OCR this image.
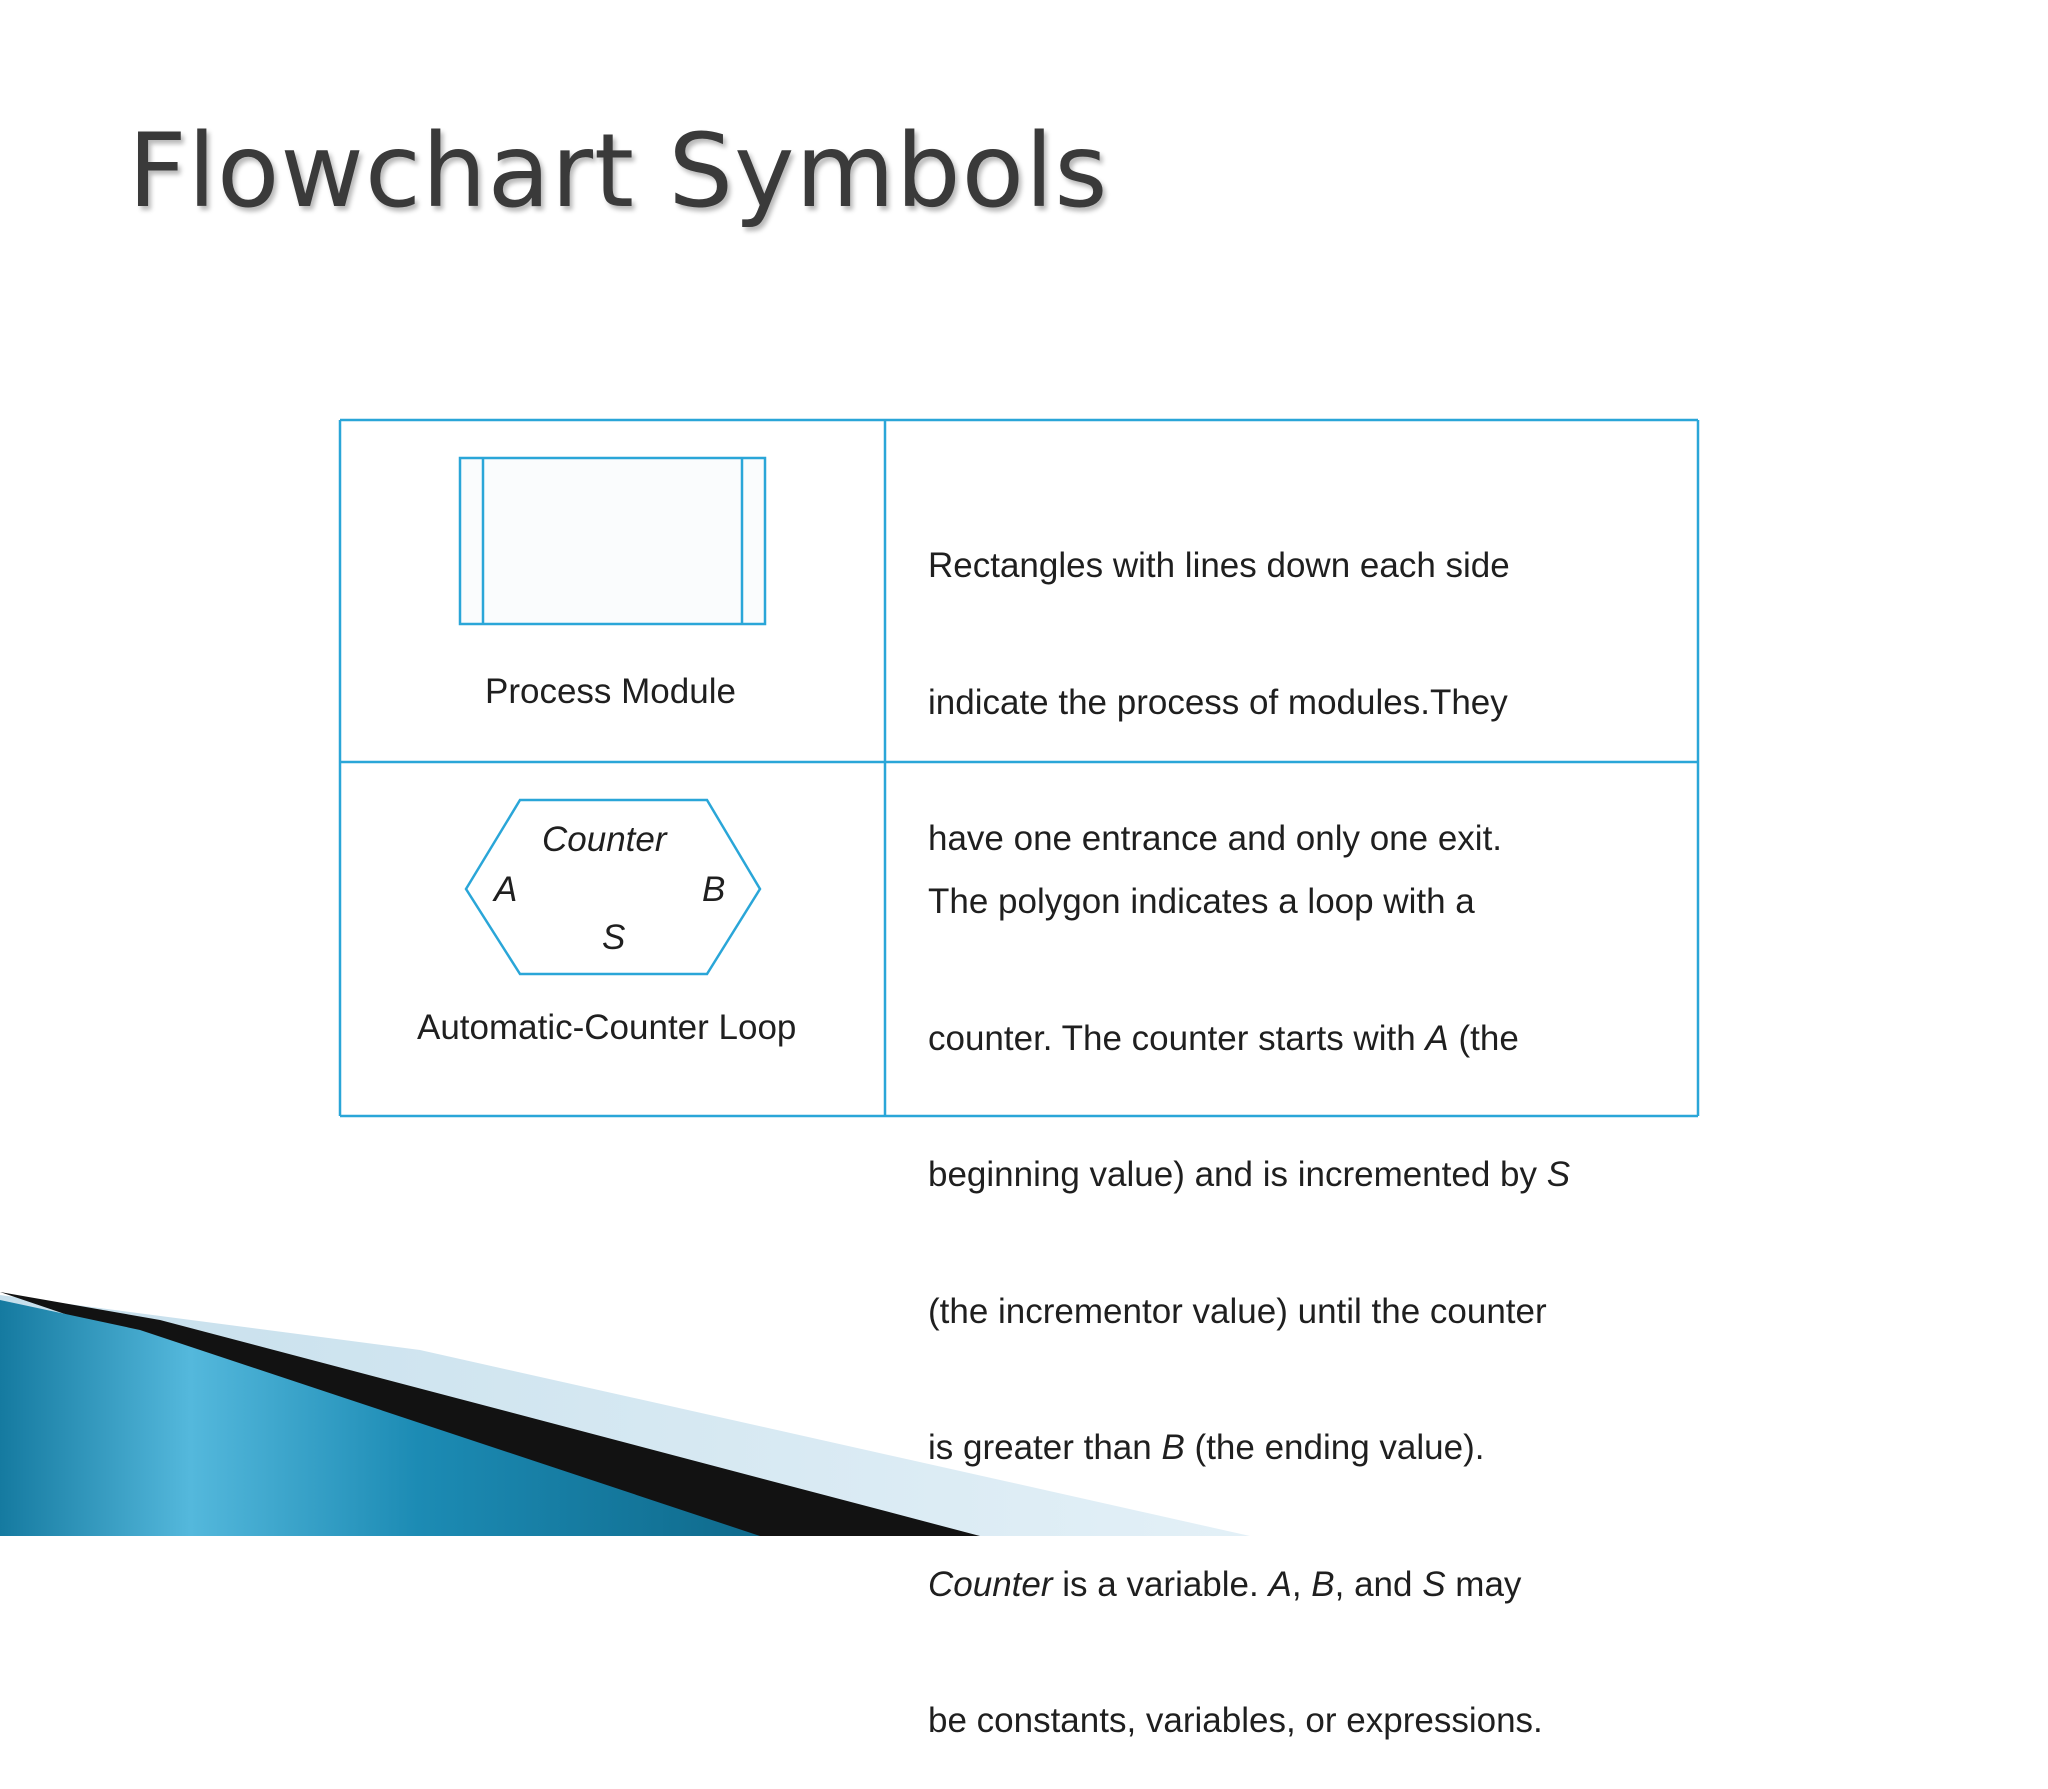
Flowchart Symbols
Process Module
Counter
A	B
S
Automatic-Counter Loop

Rectangles with lines down each side

indicate the process of modules.They

have one entrance and only one exit.

The polygon indicates a loop with a

counter. The counter starts with A (the

beginning value) and is incremented by S

(the incrementor value) until the counter

is greater than B (the ending value).

Counter is a variable. A, B, and S may

be constants, variables, or expressions.
